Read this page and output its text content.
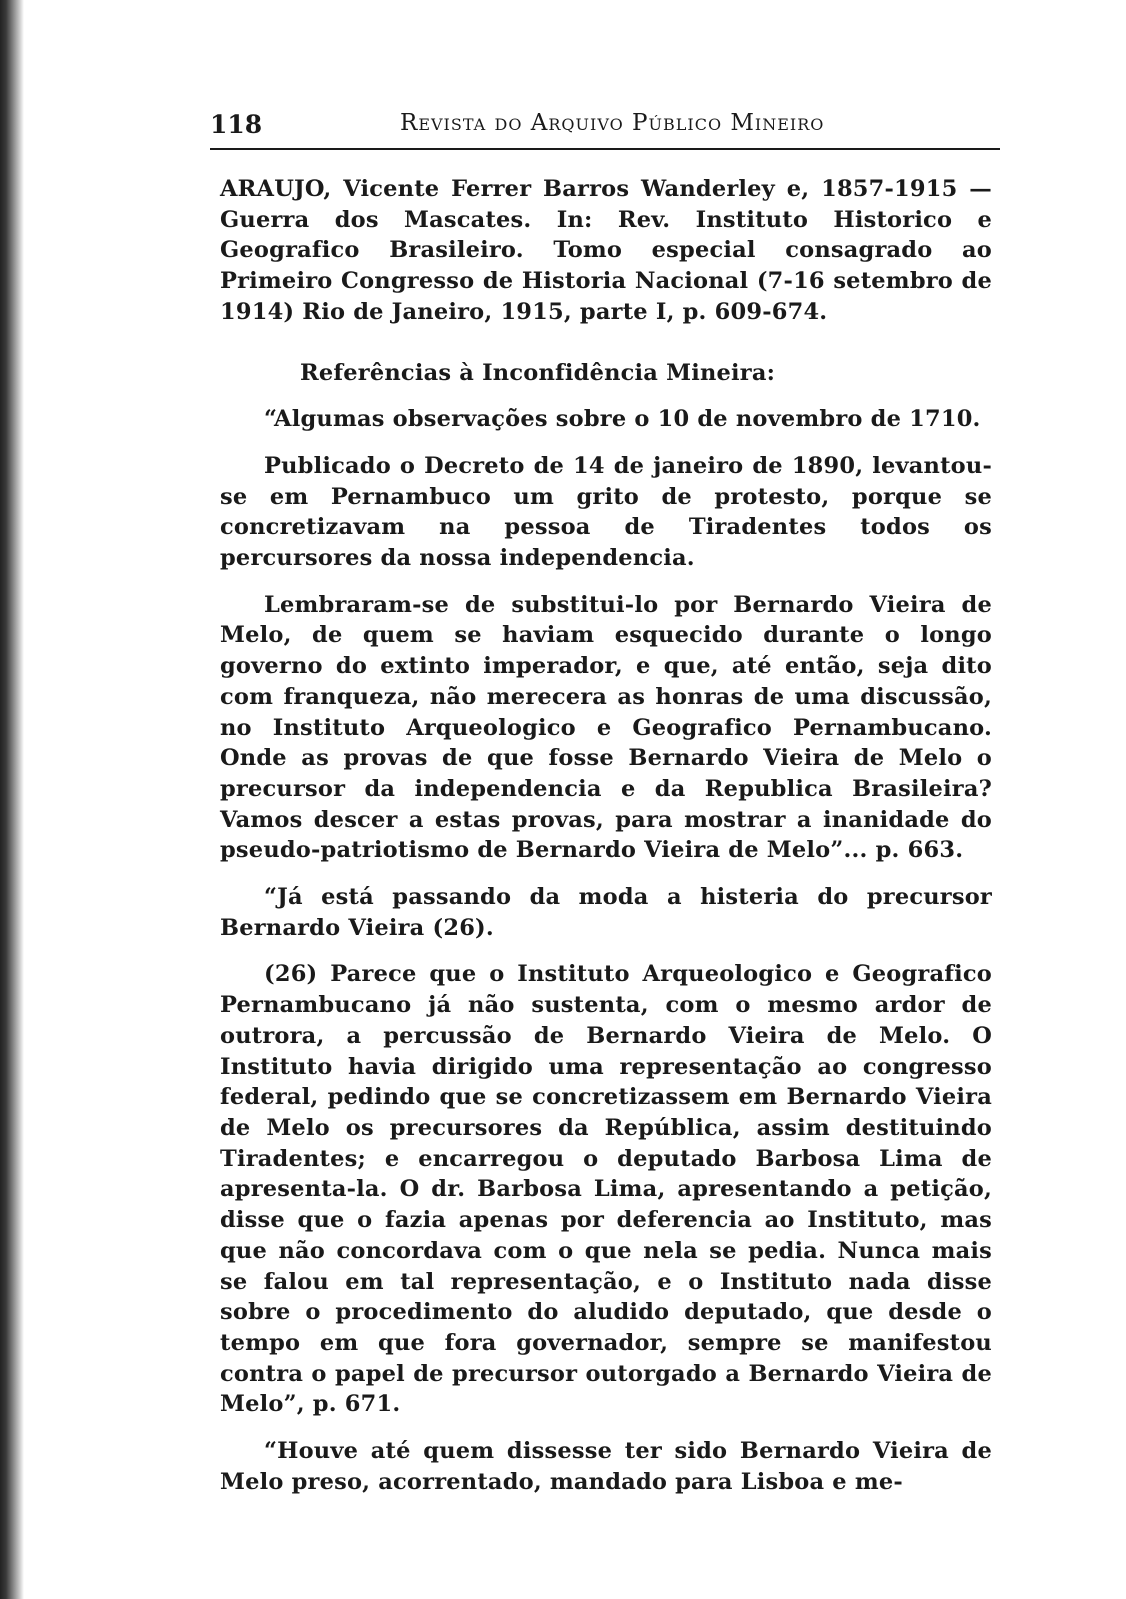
118	Revista do Arquivo Público Mineiro

ARAUJO, Vicente Ferrer Barros Wanderley e, 1857-1915 — Guerra dos Mascates. In: Rev. Instituto Historico e Geografico Brasileiro. Tomo especial consagrado ao Primeiro Congresso de Historia Nacional (7-16 setembro de 1914) Rio de Janeiro, 1915, parte I, p. 609-674.

Referências à Inconfidência Mineira:

“Algumas observações sobre o 10 de novembro de 1710.

Publicado o Decreto de 14 de janeiro de 1890, levantou-se em Pernambuco um grito de protesto, porque se concretizavam na pessoa de Tiradentes todos os percursores da nossa independencia.

Lembraram-se de substitui-lo por Bernardo Vieira de Melo, de quem se haviam esquecido durante o longo governo do extinto imperador, e que, até então, seja dito com franqueza, não merecera as honras de uma discussão, no Instituto Arqueologico e Geografico Pernambucano. Onde as provas de que fosse Bernardo Vieira de Melo o precursor da independencia e da Republica Brasileira? Vamos descer a estas provas, para mostrar a inanidade do pseudo-patriotismo de Bernardo Vieira de Melo”... p. 663.

“Já está passando da moda a histeria do precursor Bernardo Vieira (26).

(26) Parece que o Instituto Arqueologico e Geografico Pernambucano já não sustenta, com o mesmo ardor de outrora, a percussão de Bernardo Vieira de Melo. O Instituto havia dirigido uma representação ao congresso federal, pedindo que se concretizassem em Bernardo Vieira de Melo os precursores da República, assim destituindo Tiradentes; e encarregou o deputado Barbosa Lima de apresenta-la. O dr. Barbosa Lima, apresentando a petição, disse que o fazia apenas por deferencia ao Instituto, mas que não concordava com o que nela se pedia. Nunca mais se falou em tal representação, e o Instituto nada disse sobre o procedimento do aludido deputado, que desde o tempo em que fora governador, sempre se manifestou contra o papel de precursor outorgado a Bernardo Vieira de Melo”, p. 671.

“Houve até quem dissesse ter sido Bernardo Vieira de Melo preso, acorrentado, mandado para Lisboa e me-
